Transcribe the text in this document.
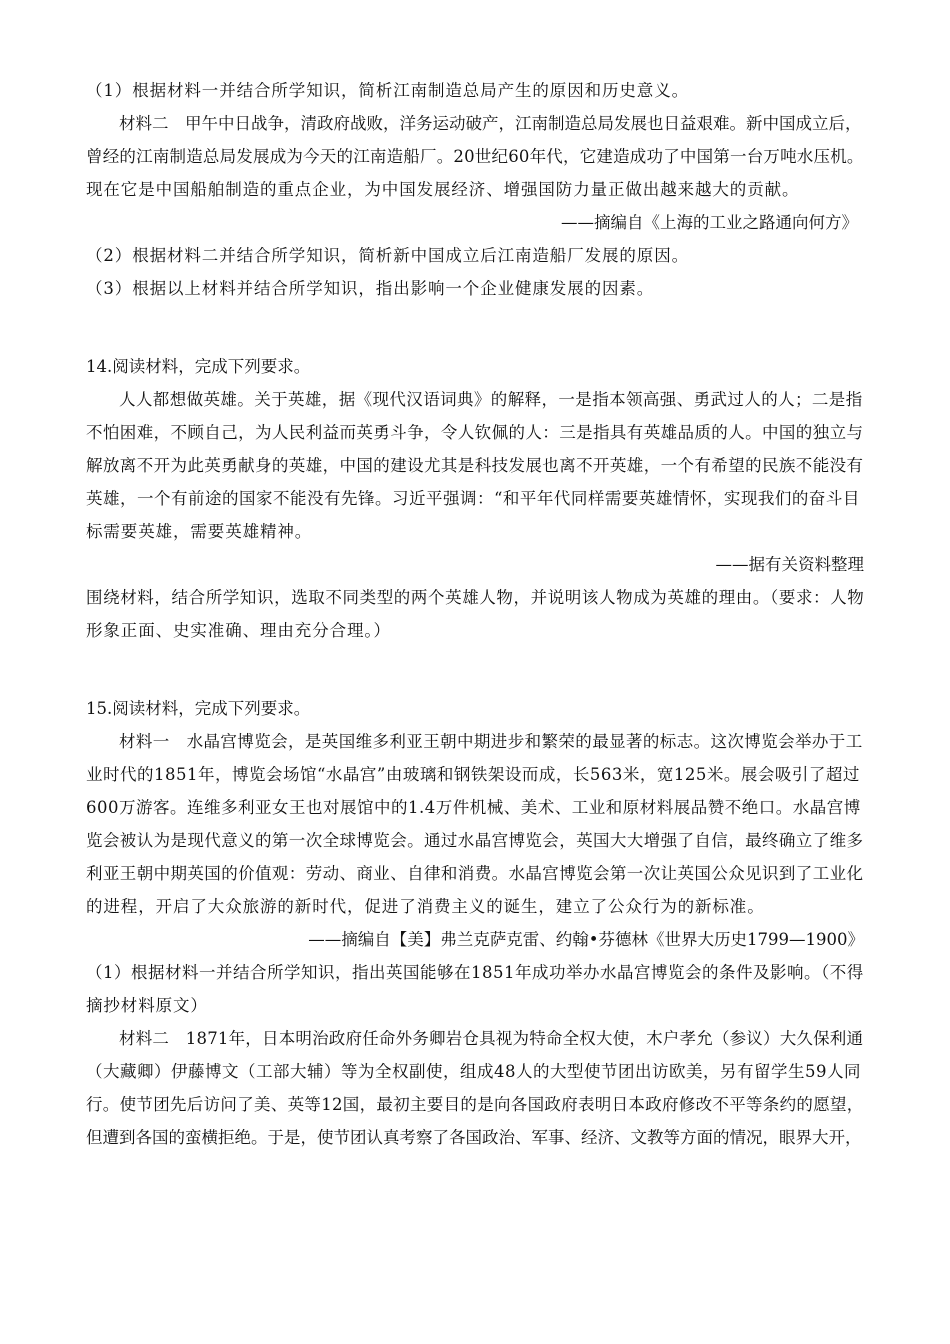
（1）根据材料一并结合所学知识，简析江南制造总局产生的原因和历史意义。
材料二　甲午中日战争，清政府战败，洋务运动破产，江南制造总局发展也日益艰难。新中国成立后，
曾经的江南制造总局发展成为今天的江南造船厂。20世纪60年代，它建造成功了中国第一台万吨水压机。
现在它是中国船舶制造的重点企业，为中国发展经济、增强国防力量正做出越来越大的贡献。
——摘编自《上海的工业之路通向何方》
（2）根据材料二并结合所学知识，简析新中国成立后江南造船厂发展的原因。
（3）根据以上材料并结合所学知识，指出影响一个企业健康发展的因素。
14.阅读材料，完成下列要求。
人人都想做英雄。关于英雄，据《现代汉语词典》的解释，一是指本领高强、勇武过人的人；二是指
不怕困难，不顾自己，为人民利益而英勇斗争，令人钦佩的人：三是指具有英雄品质的人。中国的独立与
解放离不开为此英勇献身的英雄，中国的建设尤其是科技发展也离不开英雄，一个有希望的民族不能没有
英雄，一个有前途的国家不能没有先锋。习近平强调：“和平年代同样需要英雄情怀，实现我们的奋斗目
标需要英雄，需要英雄精神。
——据有关资料整理
围绕材料，结合所学知识，选取不同类型的两个英雄人物，并说明该人物成为英雄的理由。（要求：人物
形象正面、史实准确、理由充分合理。）
15.阅读材料，完成下列要求。
材料一　水晶宫博览会，是英国维多利亚王朝中期进步和繁荣的最显著的标志。这次博览会举办于工
业时代的1851年，博览会场馆“水晶宫”由玻璃和钢铁架设而成，长563米，宽125米。展会吸引了超过
600万游客。连维多利亚女王也对展馆中的1.4万件机械、美术、工业和原材料展品赞不绝口。水晶宫博
览会被认为是现代意义的第一次全球博览会。通过水晶宫博览会，英国大大增强了自信，最终确立了维多
利亚王朝中期英国的价值观：劳动、商业、自律和消费。水晶宫博览会第一次让英国公众见识到了工业化
的进程，开启了大众旅游的新时代，促进了消费主义的诞生，建立了公众行为的新标准。
——摘编自【美】弗兰克萨克雷、约翰•芬德林《世界大历史1799—1900》
（1）根据材料一并结合所学知识，指出英国能够在1851年成功举办水晶宫博览会的条件及影响。（不得
摘抄材料原文）
材料二　1871年，日本明治政府任命外务卿岩仓具视为特命全权大使，木户孝允（参议）大久保利通
（大藏卿）伊藤博文（工部大辅）等为全权副使，组成48人的大型使节团出访欧美，另有留学生59人同
行。使节团先后访问了美、英等12国，最初主要目的是向各国政府表明日本政府修改不平等条约的愿望，
但遭到各国的蛮横拒绝。于是，使节团认真考察了各国政治、军事、经济、文教等方面的情况，眼界大开，
